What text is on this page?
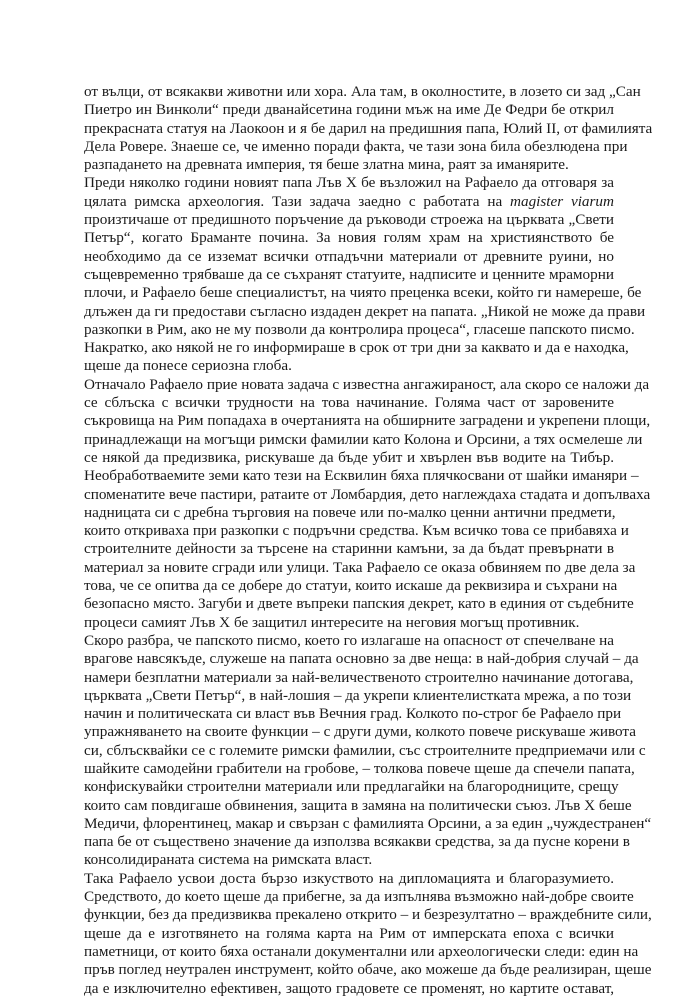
от вълци, от всякакви животни или хора. Ала там, в околностите, в лозето си зад „Сан
Пиетро ин Винколи“ преди дванайсетина години мъж на име Де Федри бе открил
прекрасната статуя на Лаокоон и я бе дарил на предишния папа, Юлий II, от фамилията
Дела Ровере. Знаеше се, че именно поради факта, че тази зона била обезлюдена при
разпадането на древната империя, тя беше златна мина, раят за иманярите.
Преди няколко години новият папа Лъв X бе възложил на Рафаело да отговаря за
цялата римска археология. Тази задача заедно с работата на magister viarum
произтичаше от предишното поръчение да ръководи строежа на църквата „Свети
Петър“, когато Браманте почина. За новия голям храм на християнството бе
необходимо да се изземат всички отпадъчни материали от древните руини, но
същевременно трябваше да се съхранят статуите, надписите и ценните мраморни
плочи, и Рафаело беше специалистът, на чиято преценка всеки, който ги намереше, бе
длъжен да ги предостави съгласно издаден декрет на папата. „Никой не може да прави
разкопки в Рим, ако не му позволи да контролира процеса“, гласеше папското писмо.
Накратко, ако някой не го информираше в срок от три дни за каквато и да е находка,
щеше да понесе сериозна глоба.
Отначало Рафаело прие новата задача с известна ангажираност, ала скоро се наложи да
се сблъска с всички трудности на това начинание. Голяма част от заровените
съкровища на Рим попадаха в очертанията на обширните заградени и укрепени площи,
принадлежащи на могъщи римски фамилии като Колона и Орсини, а тях осмелеше ли
се някой да предизвика, рискуваше да бъде убит и хвърлен във водите на Тибър.
Необработваемите земи като тези на Есквилин бяха плячкосвани от шайки иманяри –
споменатите вече пастири, ратаите от Ломбардия, дето наглеждаха стадата и допълваха
надницата си с дребна търговия на повече или по-малко ценни антични предмети,
които откриваха при разкопки с подръчни средства. Към всичко това се прибавяха и
строителните дейности за търсене на старинни камъни, за да бъдат превърнати в
материал за новите сгради или улици. Така Рафаело се оказа обвиняем по две дела за
това, че се опитва да се добере до статуи, които искаше да реквизира и съхрани на
безопасно място. Загуби и двете въпреки папския декрет, като в единия от съдебните
процеси самият Лъв X бе защитил интересите на неговия могъщ противник.
Скоро разбра, че папското писмо, което го излагаше на опасност от спечелване на
врагове навсякъде, служеше на папата основно за две неща: в най-добрия случай – да
намери безплатни материали за най-величественото строително начинание дотогава,
църквата „Свети Петър“, в най-лошия – да укрепи клиентелистката мрежа, а по този
начин и политическата си власт във Вечния град. Колкото по-строг бе Рафаело при
упражняването на своите функции – с други думи, колкото повече рискуваше живота
си, сблъсквайки се с големите римски фамилии, със строителните предприемачи или с
шайките самодейни грабители на гробове, – толкова повече щеше да спечели папата,
конфискувайки строителни материали или предлагайки на благородниците, срещу
които сам повдигаше обвинения, защита в замяна на политически съюз. Лъв X беше
Медичи, флорентинец, макар и свързан с фамилията Орсини, а за един „чуждестранен“
папа бе от съществено значение да използва всякакви средства, за да пусне корени в
консолидираната система на римската власт.
Така Рафаело усвои доста бързо изкуството на дипломацията и благоразумието.
Средството, до което щеше да прибегне, за да изпълнява възможно най-добре своите
функции, без да предизвиква прекалено открито – и безрезултатно – враждебните сили,
щеше да е изготвянето на голяма карта на Рим от имперската епоха с всички
паметници, от които бяха останали документални или археологически следи: един на
пръв поглед неутрален инструмент, който обаче, ако можеше да бъде реализиран, щеше
да е изключително ефективен, защото градовете се променят, но картите остават,
